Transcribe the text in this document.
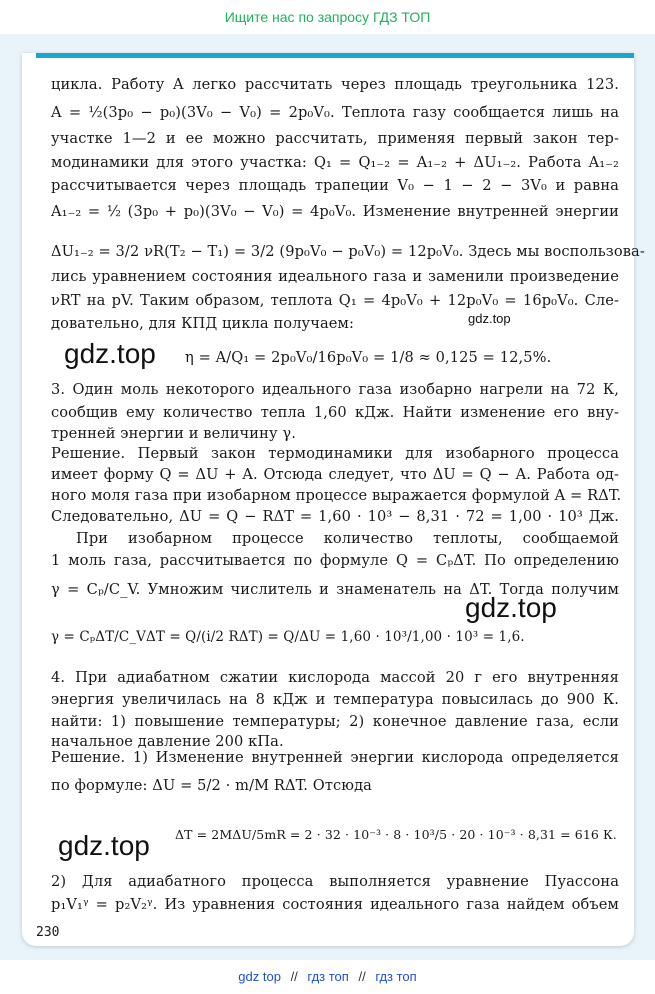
Ищите нас по запросу ГДЗ ТОП
цикла. Работу A легко рассчитать через площадь треугольника 123.
A = ½(3p₀ − p₀)(3V₀ − V₀) = 2p₀V₀. Теплота газу сообщается лишь на
участке 1—2 и ее можно рассчитать, применяя первый закон тер-
модинамики для этого участка: Q₁ = Q₁₋₂ = A₁₋₂ + ΔU₁₋₂. Работа A₁₋₂
рассчитывается через площадь трапеции V₀ − 1 − 2 − 3V₀ и равна
A₁₋₂ = ½ (3p₀ + p₀)(3V₀ − V₀) = 4p₀V₀. Изменение внутренней энергии
ΔU₁₋₂ = 3/2 νR(T₂ − T₁) = 3/2 (9p₀V₀ − p₀V₀) = 12p₀V₀. Здесь мы воспользова-
лись уравнением состояния идеального газа и заменили произведение
νRT на pV. Таким образом, теплота Q₁ = 4p₀V₀ + 12p₀V₀ = 16p₀V₀. Сле-
довательно, для КПД цикла получаем:	gdz.top
gdz.top η = A/Q₁ = 2p₀V₀/16p₀V₀ = 1/8 ≈ 0,125 = 12,5%.
3. Один моль некоторого идеального газа изобарно нагрели на 72 К,
сообщив ему количество тепла 1,60 кДж. Найти изменение его вну-
тренней энергии и величину γ.
Решение. Первый закон термодинамики для изобарного процесса
имеет форму Q = ΔU + A. Отсюда следует, что ΔU = Q − A. Работа од-
ного моля газа при изобарном процессе выражается формулой A = RΔT.
Следовательно, ΔU = Q − RΔT = 1,60 · 10³ − 8,31 · 72 = 1,00 · 10³ Дж.
При изобарном процессе количество теплоты, сообщаемой
1 моль газа, рассчитывается по формуле Q = CₚΔT. По определению
γ = Cₚ/C_V. Умножим числитель и знаменатель на ΔT. Тогда получим
gdz.top
γ = CₚΔT/C_VΔT = Q/(i/2 RΔT) = Q/ΔU = 1,60 · 10³/1,00 · 10³ = 1,6.
4. При адиабатном сжатии кислорода массой 20 г его внутренняя
энергия увеличилась на 8 кДж и температура повысилась до 900 К.
найти: 1) повышение температуры; 2) конечное давление газа, если
начальное давление 200 кПа.
Решение. 1) Изменение внутренней энергии кислорода определяется
по формуле: ΔU = 5/2 · m/M RΔT. Отсюда
ΔT = 2MΔU/5mR = 2 · 32 · 10⁻³ · 8 · 10³/5 · 20 · 10⁻³ · 8,31 = 616 К.
gdz.top
2) Для адиабатного процесса выполняется уравнение Пуассона
p₁V₁ᵞ = p₂V₂ᵞ. Из уравнения состояния идеального газа найдем объем
230
gdz top // гдз топ // гдз топ
